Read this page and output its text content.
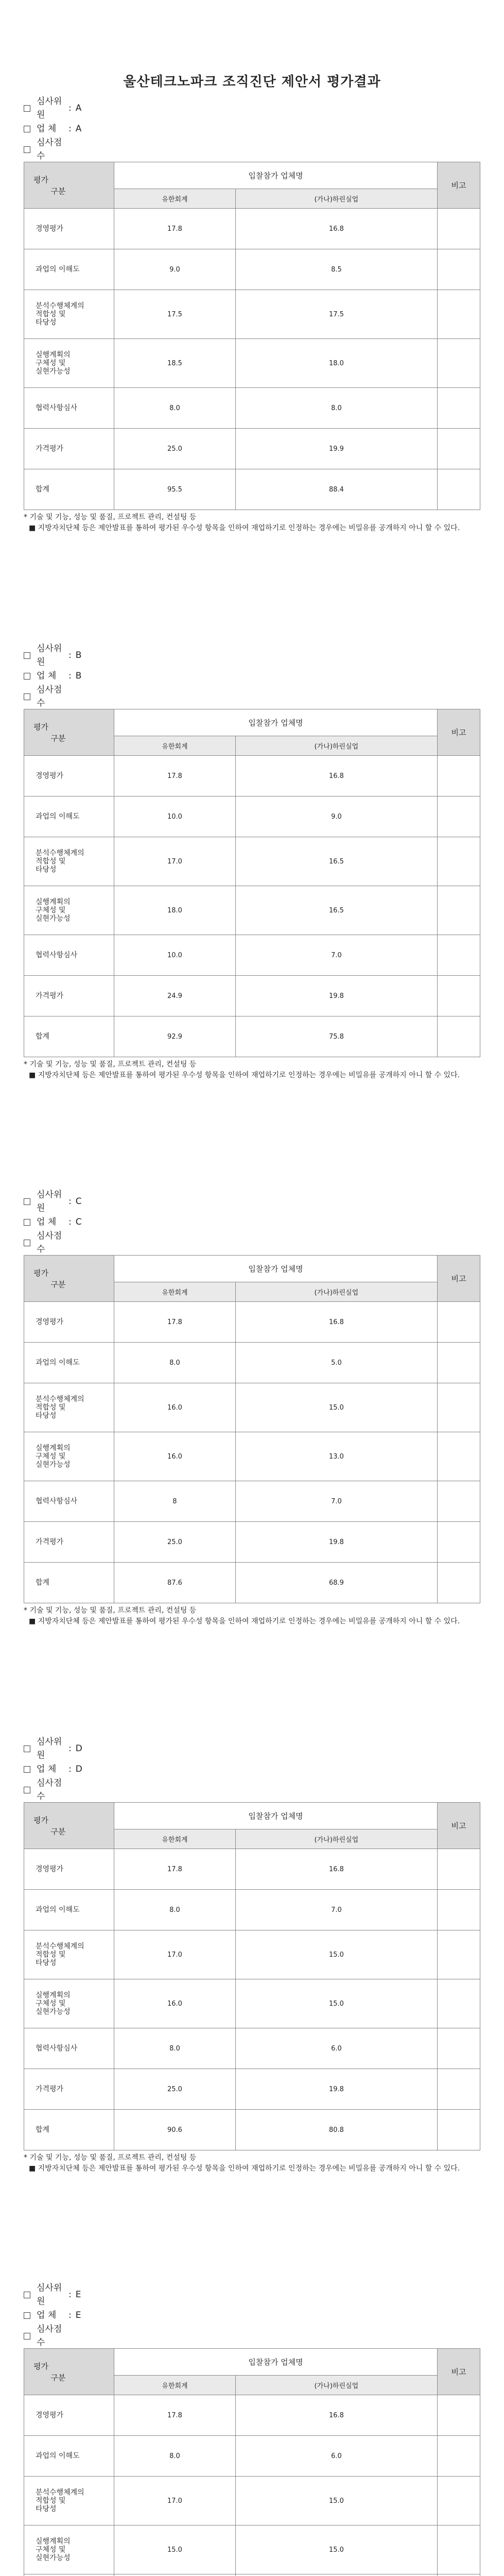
울산테크노파크 조직진단 제안서 평가결과
심사위원
: A
업 체	: A
심사점수
평가
구분	입찰참가 업체명		비고
	유한회계	(가나)하린실업	
경영평가	17.8	16.8	
과업의 이해도	9.0	8.5	
분석수행체계의
적합성 및
타당성	17.5	17.5	
실행계획의
구체성 및
실현가능성	18.5	18.0	
협력사항심사	8.0	8.0	
가격평가	25.0	19.9	
합계	95.5	88.4	
* 기술 및 기능, 성능 및 품질, 프로젝트 관리, 컨설팅 등
■ 지방자치단체 등은 제안발표를 통하여 평가된 우수성 항목을 인하여 재업하기로 인정하는 경우에는 비밀유를 공개하지 아니 할 수 있다.
심사위원
: B
업 체	: B
심사점수
평가
구분	입찰참가 업체명		비고
	유한회계	(가나)하린실업	
경영평가	17.8	16.8	
과업의 이해도	10.0	9.0	
분석수행체계의
적합성 및
타당성	17.0	16.5	
실행계획의
구체성 및
실현가능성	18.0	16.5	
협력사항심사	10.0	7.0	
가격평가	24.9	19.8	
합계	92.9	75.8	
* 기술 및 기능, 성능 및 품질, 프로젝트 관리, 컨설팅 등
■ 지방자치단체 등은 제안발표를 통하여 평가된 우수성 항목을 인하여 재업하기로 인정하는 경우에는 비밀유를 공개하지 아니 할 수 있다.
심사위원
: C
업 체	: C
심사점수
평가
구분	입찰참가 업체명		비고
	유한회계	(가나)하린실업	
경영평가	17.8	16.8	
과업의 이해도	8.0	5.0	
분석수행체계의
적합성 및
타당성	16.0	15.0	
실행계획의
구체성 및
실현가능성	16.0	13.0	
협력사항심사	8	7.0	
가격평가	25.0	19.8	
합계	87.6	68.9	
* 기술 및 기능, 성능 및 품질, 프로젝트 관리, 컨설팅 등
■ 지방자치단체 등은 제안발표를 통하여 평가된 우수성 항목을 인하여 재업하기로 인정하는 경우에는 비밀유를 공개하지 아니 할 수 있다.
심사위원
: D
업 체	: D
심사점수
평가
구분	입찰참가 업체명		비고
	유한회계	(가나)하린실업	
경영평가	17.8	16.8	
과업의 이해도	8.0	7.0	
분석수행체계의
적합성 및
타당성	17.0	15.0	
실행계획의
구체성 및
실현가능성	16.0	15.0	
협력사항심사	8.0	6.0	
가격평가	25.0	19.8	
합계	90.6	80.8	
* 기술 및 기능, 성능 및 품질, 프로젝트 관리, 컨설팅 등
■ 지방자치단체 등은 제안발표를 통하여 평가된 우수성 항목을 인하여 재업하기로 인정하는 경우에는 비밀유를 공개하지 아니 할 수 있다.
심사위원
: E
업 체	: E
심사점수
평가
구분	입찰참가 업체명		비고
	유한회계	(가나)하린실업	
경영평가	17.8	16.8	
과업의 이해도	8.0	6.0	
분석수행체계의
적합성 및
타당성	17.0	15.0	
실행계획의
구체성 및
실현가능성	15.0	15.0	
